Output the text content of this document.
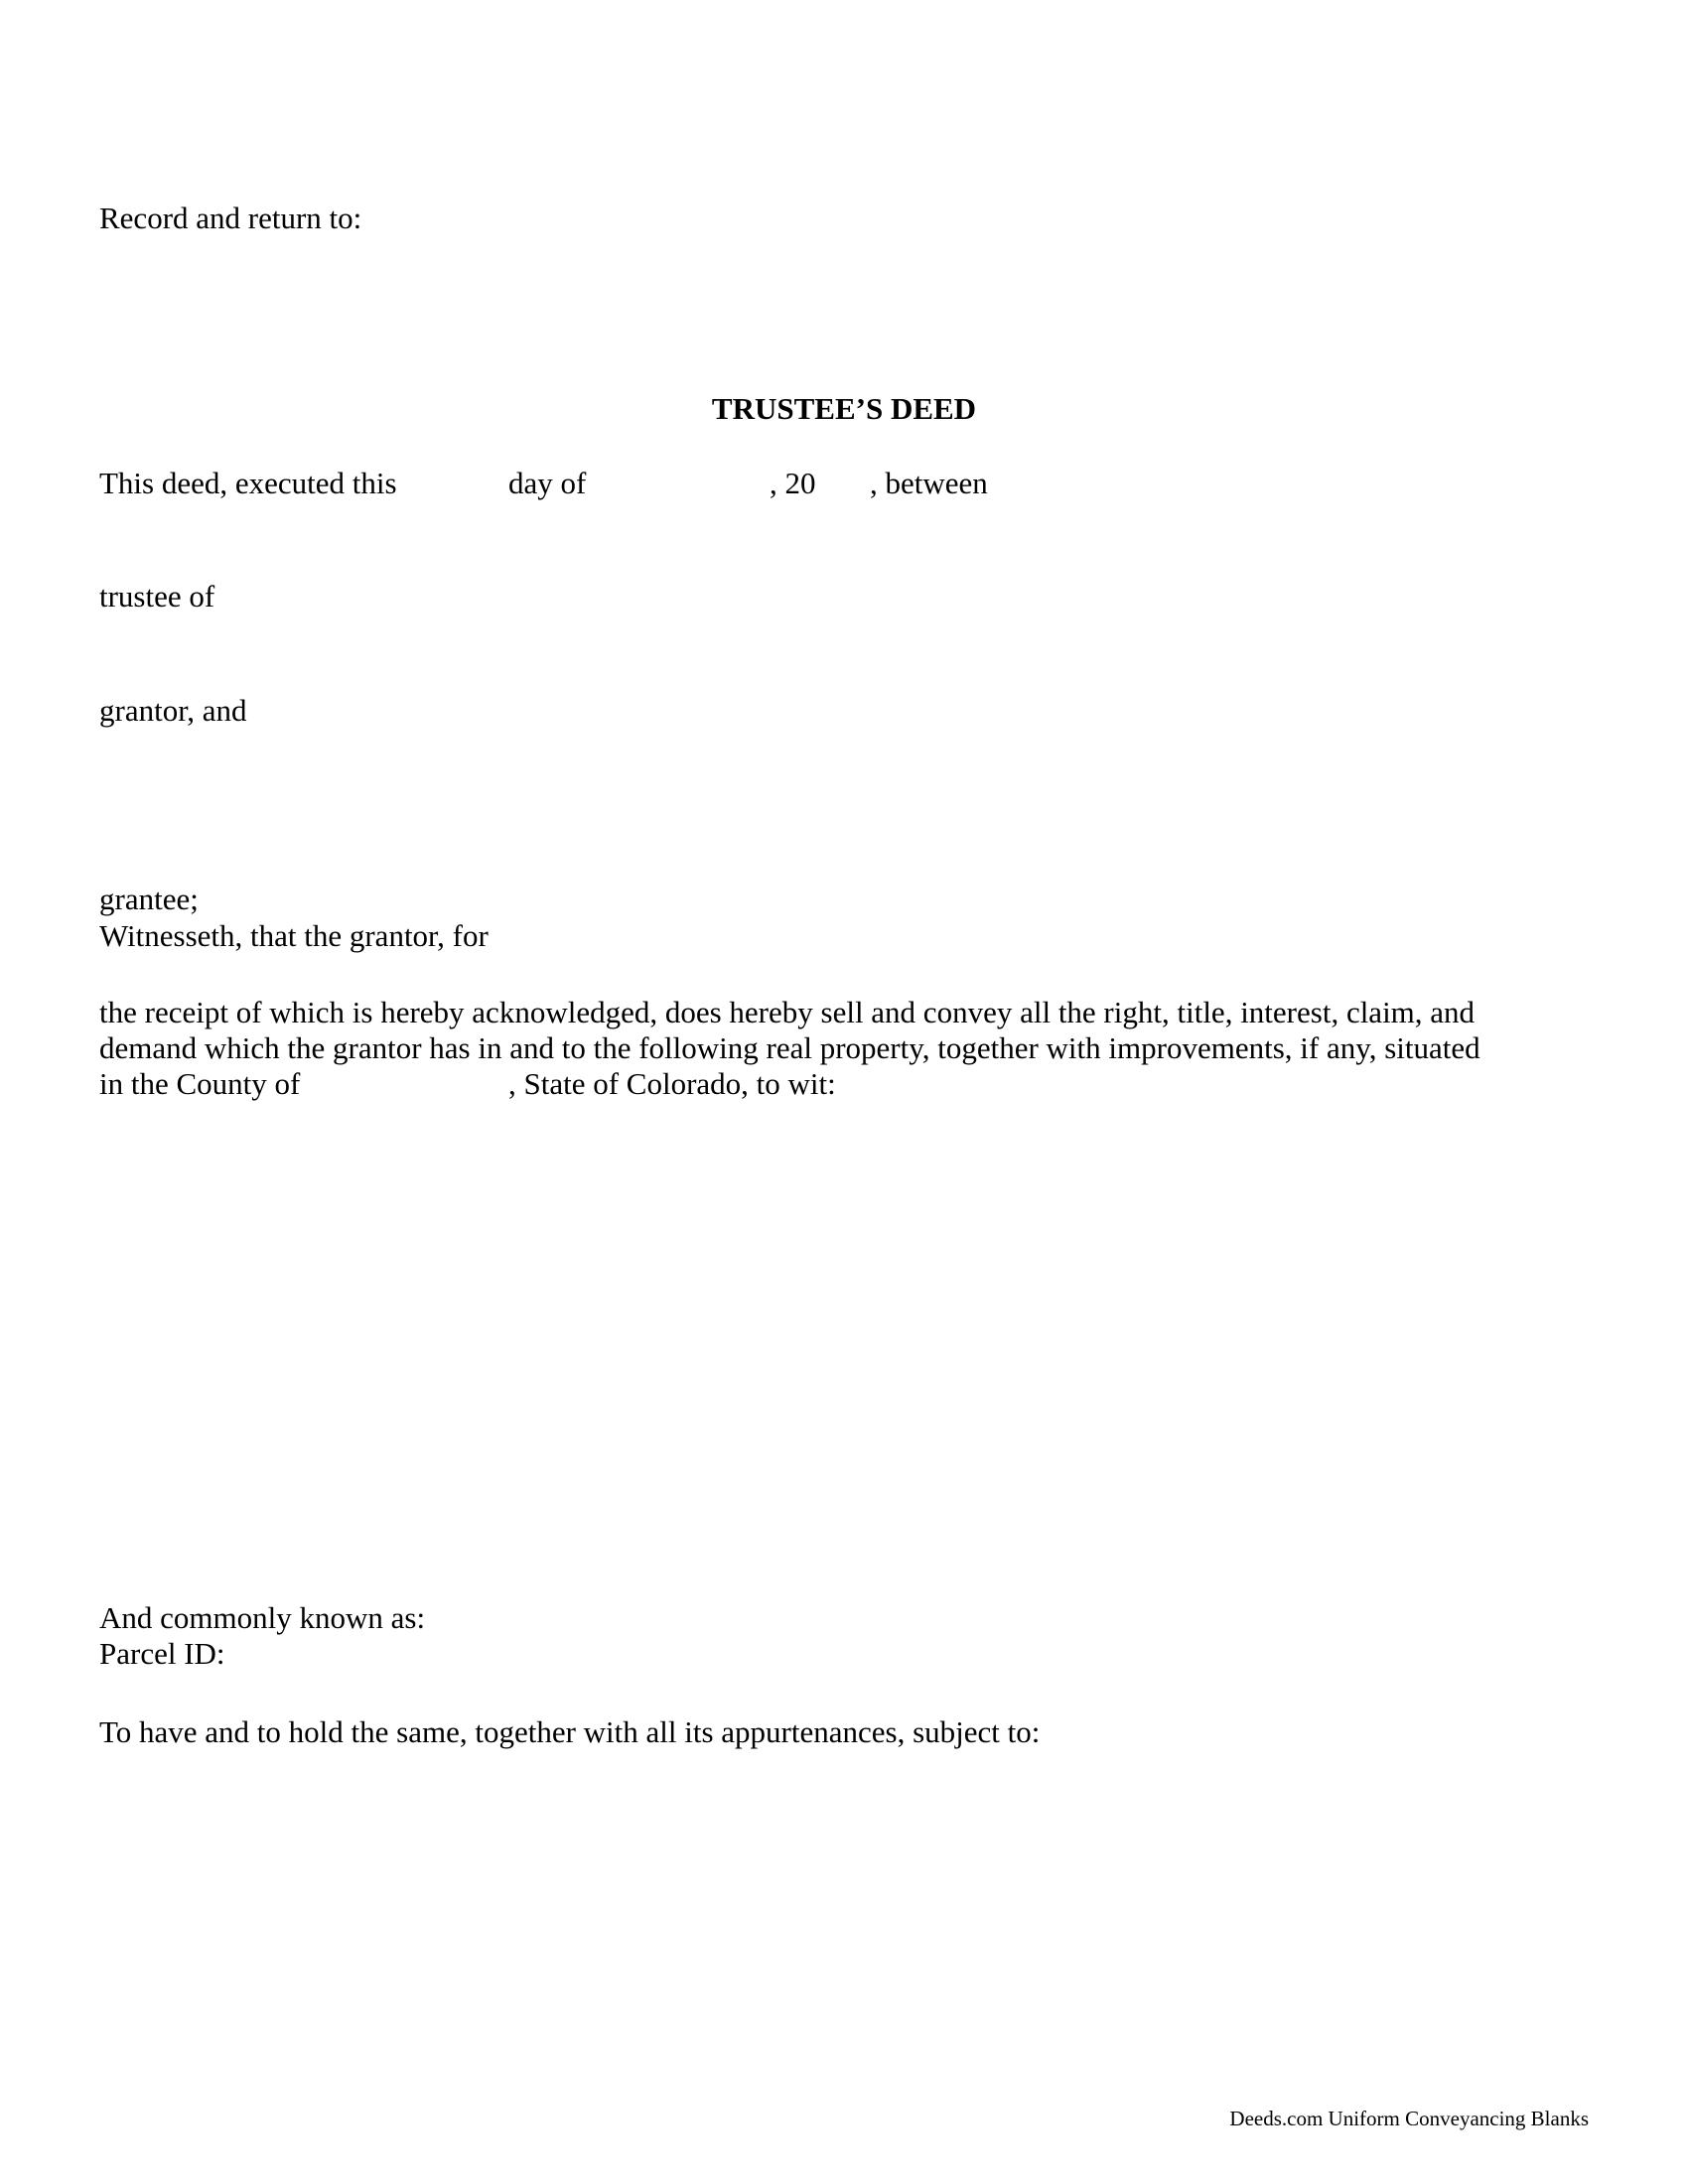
Record and return to:
TRUSTEE’S DEED
This deed, executed this	day of	, 20 , between
trustee of
grantor, and
grantee;
Witnesseth, that the grantor, for
the receipt of which is hereby acknowledged, does hereby sell and convey all the right, title, interest, claim, and
demand which the grantor has in and to the following real property, together with improvements, if any, situated
in the County of	, State of Colorado, to wit:
And commonly known as:
Parcel ID:
To have and to hold the same, together with all its appurtenances, subject to:
Deeds.com Uniform Conveyancing Blanks
